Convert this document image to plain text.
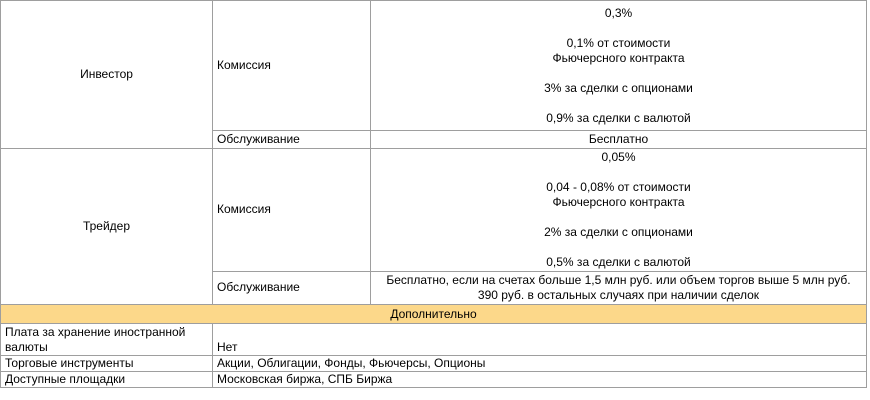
Инвестор	Комиссия	0,3%
0,1% от стоимости
Фьючерсного контракта
3% за сделки с опционами
0,9% за сделки с валютой

	Обслуживание	Бесплатно
Трейдер	Комиссия	0,05%
0,04 - 0,08% от стоимости
Фьючерсного контракта
2% за сделки с опционами
0,5% за сделки с валютой

	Обслуживание	Бесплатно, если на счетах больше 1,5 млн руб. или объем торгов выше 5 млн руб.
390 руб. в остальных случаях при наличии сделок

Дополнительно		
Плата за хранение иностранной валюты	Нет	
Торговые инструменты	Акции, Облигации, Фонды, Фьючерсы, Опционы	
Доступные площадки	Московская биржа, СПБ Биржа	
